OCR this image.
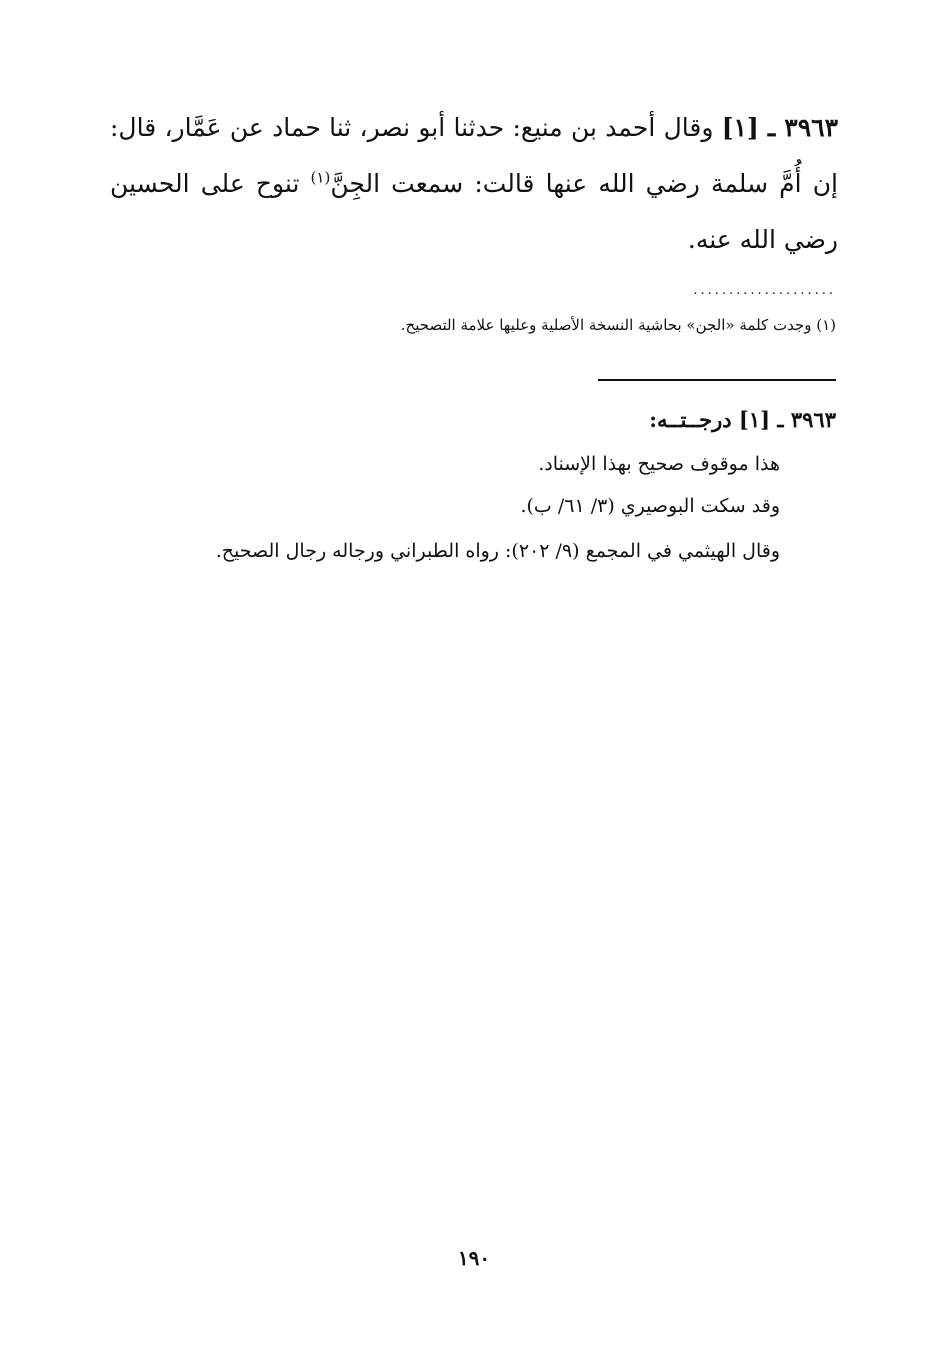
٣٩٦٣ ـ [١] وقال أحمد بن منيع: حدثنا أبو نصر، ثنا حماد عن عَمَّار، قال: إن أُمَّ سلمة رضي الله عنها قالت: سمعت الجِنَّ$^{(١)}$ تنوح على الحسين رضي الله عنه.
....................
(١) وجدت كلمة «الجن» بحاشية النسخة الأصلية وعليها علامة التصحيح.
٣٩٦٣ ـ [١] درجــتــه:
هذا موقوف صحيح بهذا الإسناد.
وقد سكت البوصيري (٣/ ٦١/ ب).
وقال الهيثمي في المجمع (٩/ ٢٠٢): رواه الطبراني ورجاله رجال الصحيح.
١٩٠
